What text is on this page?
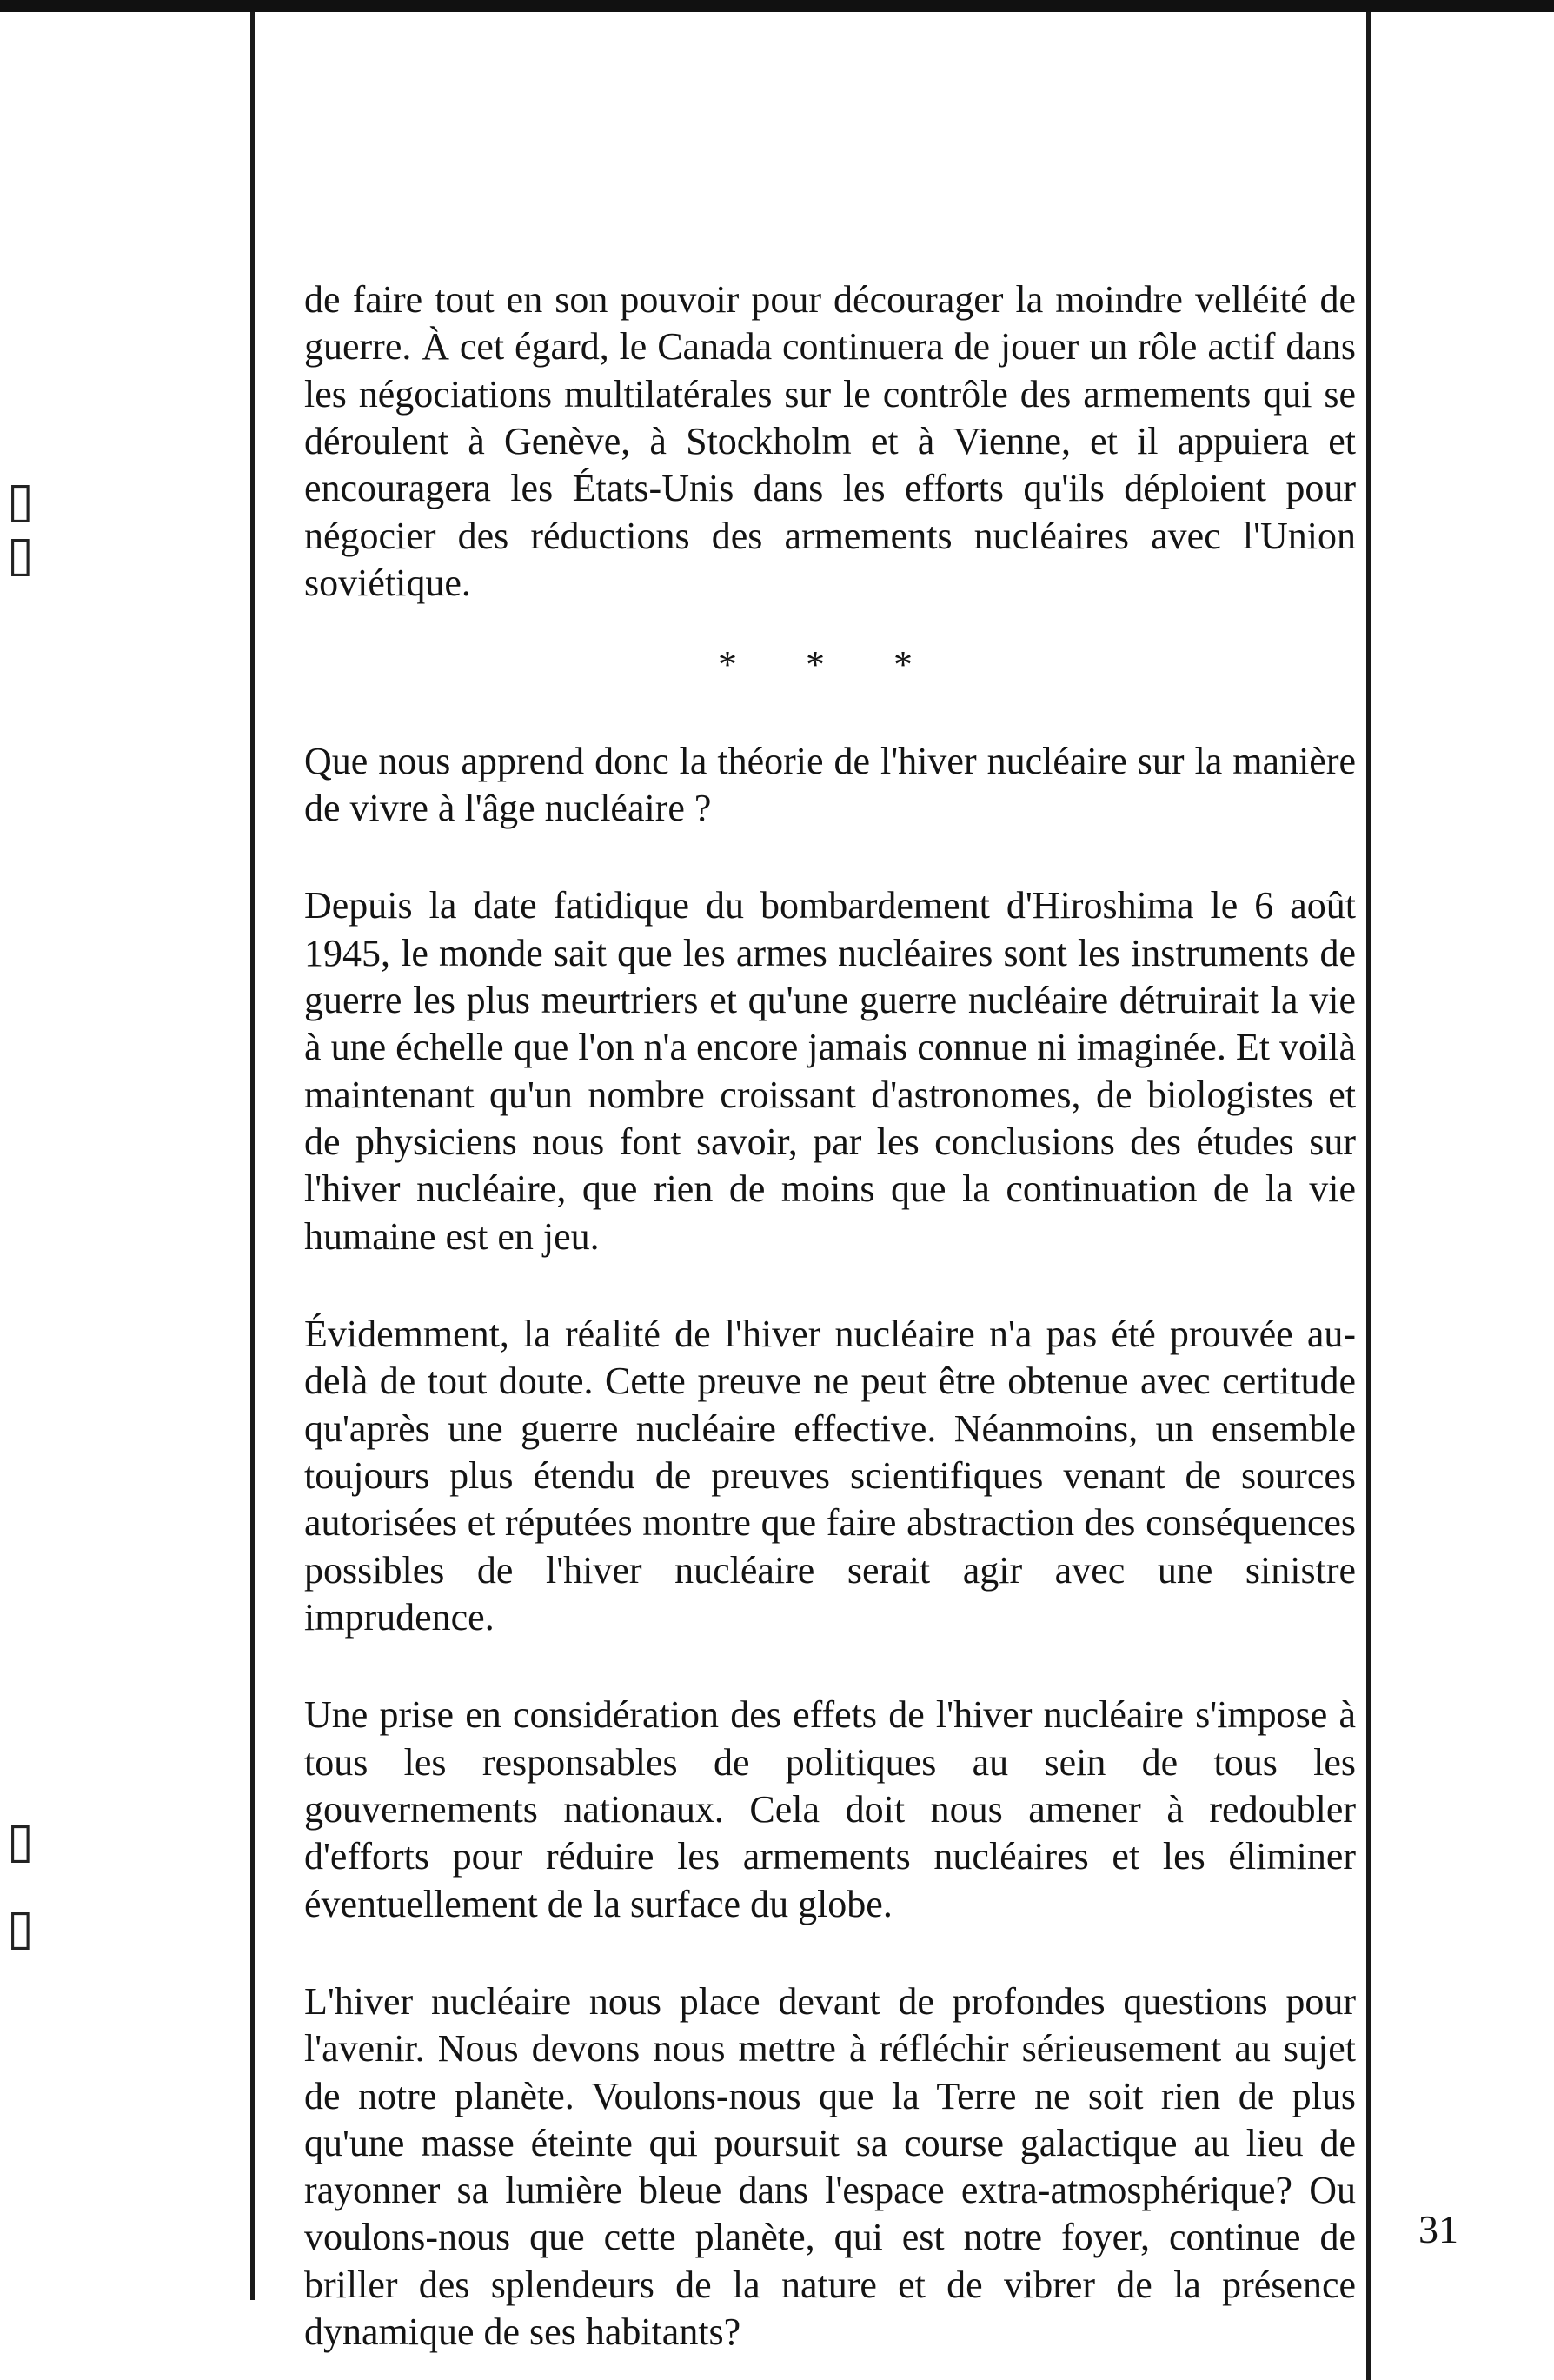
▯
▯
▯
▯

de faire tout en son pouvoir pour décourager la moindre velléité de guerre. À cet égard, le Canada continuera de jouer un rôle actif dans les négociations multilatérales sur le contrôle des armements qui se déroulent à Genève, à Stockholm et à Vienne, et il appuiera et encouragera les États-Unis dans les efforts qu'ils déploient pour négocier des réductions des armements nucléaires avec l'Union soviétique.

* * *

Que nous apprend donc la théorie de l'hiver nucléaire sur la manière de vivre à l'âge nucléaire ?

Depuis la date fatidique du bombardement d'Hiroshima le 6 août 1945, le monde sait que les armes nucléaires sont les instruments de guerre les plus meurtriers et qu'une guerre nucléaire détruirait la vie à une échelle que l'on n'a encore jamais connue ni imaginée. Et voilà maintenant qu'un nombre croissant d'astronomes, de biologistes et de physiciens nous font savoir, par les conclusions des études sur l'hiver nucléaire, que rien de moins que la continuation de la vie humaine est en jeu.

Évidemment, la réalité de l'hiver nucléaire n'a pas été prouvée au-delà de tout doute. Cette preuve ne peut être obtenue avec certitude qu'après une guerre nucléaire effective. Néanmoins, un ensemble toujours plus étendu de preuves scientifiques venant de sources autorisées et réputées montre que faire abstraction des conséquences possibles de l'hiver nucléaire serait agir avec une sinistre imprudence.

Une prise en considération des effets de l'hiver nucléaire s'impose à tous les responsables de politiques au sein de tous les gouvernements nationaux. Cela doit nous amener à redoubler d'efforts pour réduire les armements nucléaires et les éliminer éventuellement de la surface du globe.

L'hiver nucléaire nous place devant de profondes questions pour l'avenir. Nous devons nous mettre à réfléchir sérieusement au sujet de notre planète. Voulons-nous que la Terre ne soit rien de plus qu'une masse éteinte qui poursuit sa course galactique au lieu de rayonner sa lumière bleue dans l'espace extra-atmosphérique? Ou voulons-nous que cette planète, qui est notre foyer, continue de briller des splendeurs de la nature et de vibrer de la présence dynamique de ses habitants?

31
